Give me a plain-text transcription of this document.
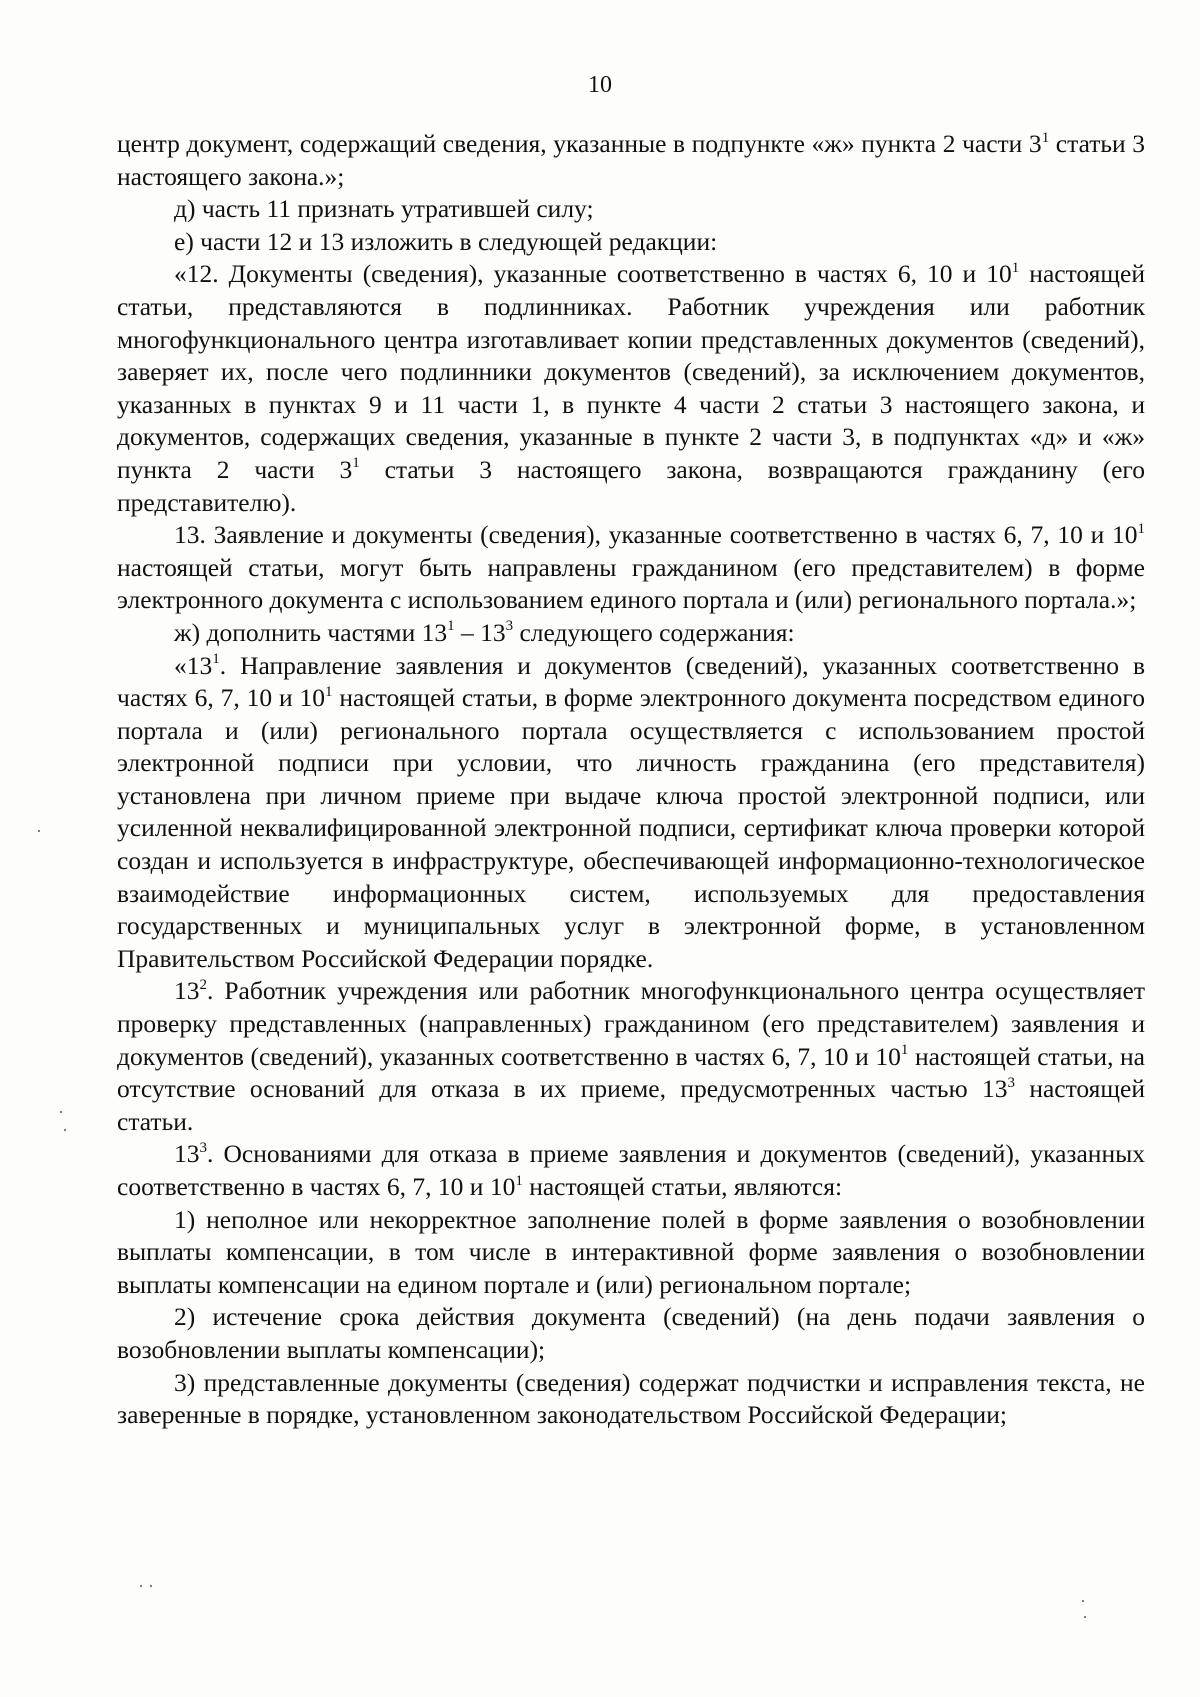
10

центр документ, содержащий сведения, указанные в подпункте «ж» пункта 2 части $3^1$ статьи 3 настоящего закона.»;

д) часть 11 признать утратившей силу;

е) части 12 и 13 изложить в следующей редакции:

«12. Документы (сведения), указанные соответственно в частях 6, 10 и $10^1$ настоящей статьи, представляются в подлинниках. Работник учреждения или работник многофункционального центра изготавливает копии представленных документов (сведений), заверяет их, после чего подлинники документов (сведений), за исключением документов, указанных в пунктах 9 и 11 части 1, в пункте 4 части 2 статьи 3 настоящего закона, и документов, содержащих сведения, указанные в пункте 2 части 3, в подпунктах «д» и «ж» пункта 2 части $3^1$ статьи 3 настоящего закона, возвращаются гражданину (его представителю).

13. Заявление и документы (сведения), указанные соответственно в частях 6, 7, 10 и $10^1$ настоящей статьи, могут быть направлены гражданином (его представителем) в форме электронного документа с использованием единого портала и (или) регионального портала.»;

ж) дополнить частями $13^1 - 13^3$ следующего содержания:

«$13^1$. Направление заявления и документов (сведений), указанных соответственно в частях 6, 7, 10 и $10^1$ настоящей статьи, в форме электронного документа посредством единого портала и (или) регионального портала осуществляется с использованием простой электронной подписи при условии, что личность гражданина (его представителя) установлена при личном приеме при выдаче ключа простой электронной подписи, или усиленной неквалифицированной электронной подписи, сертификат ключа проверки которой создан и используется в инфраструктуре, обеспечивающей информационно-технологическое взаимодействие информационных систем, используемых для предоставления государственных и муниципальных услуг в электронной форме, в установленном Правительством Российской Федерации порядке.

$13^2$. Работник учреждения или работник многофункционального центра осуществляет проверку представленных (направленных) гражданином (его представителем) заявления и документов (сведений), указанных соответственно в частях 6, 7, 10 и $10^1$ настоящей статьи, на отсутствие оснований для отказа в их приеме, предусмотренных частью $13^3$ настоящей статьи.

$13^3$. Основаниями для отказа в приеме заявления и документов (сведений), указанных соответственно в частях 6, 7, 10 и $10^1$ настоящей статьи, являются:

1) неполное или некорректное заполнение полей в форме заявления о возобновлении выплаты компенсации, в том числе в интерактивной форме заявления о возобновлении выплаты компенсации на едином портале и (или) региональном портале;

2) истечение срока действия документа (сведений) (на день подачи заявления о возобновлении выплаты компенсации);

3) представленные документы (сведения) содержат подчистки и исправления текста, не заверенные в порядке, установленном законодательством Российской Федерации;
